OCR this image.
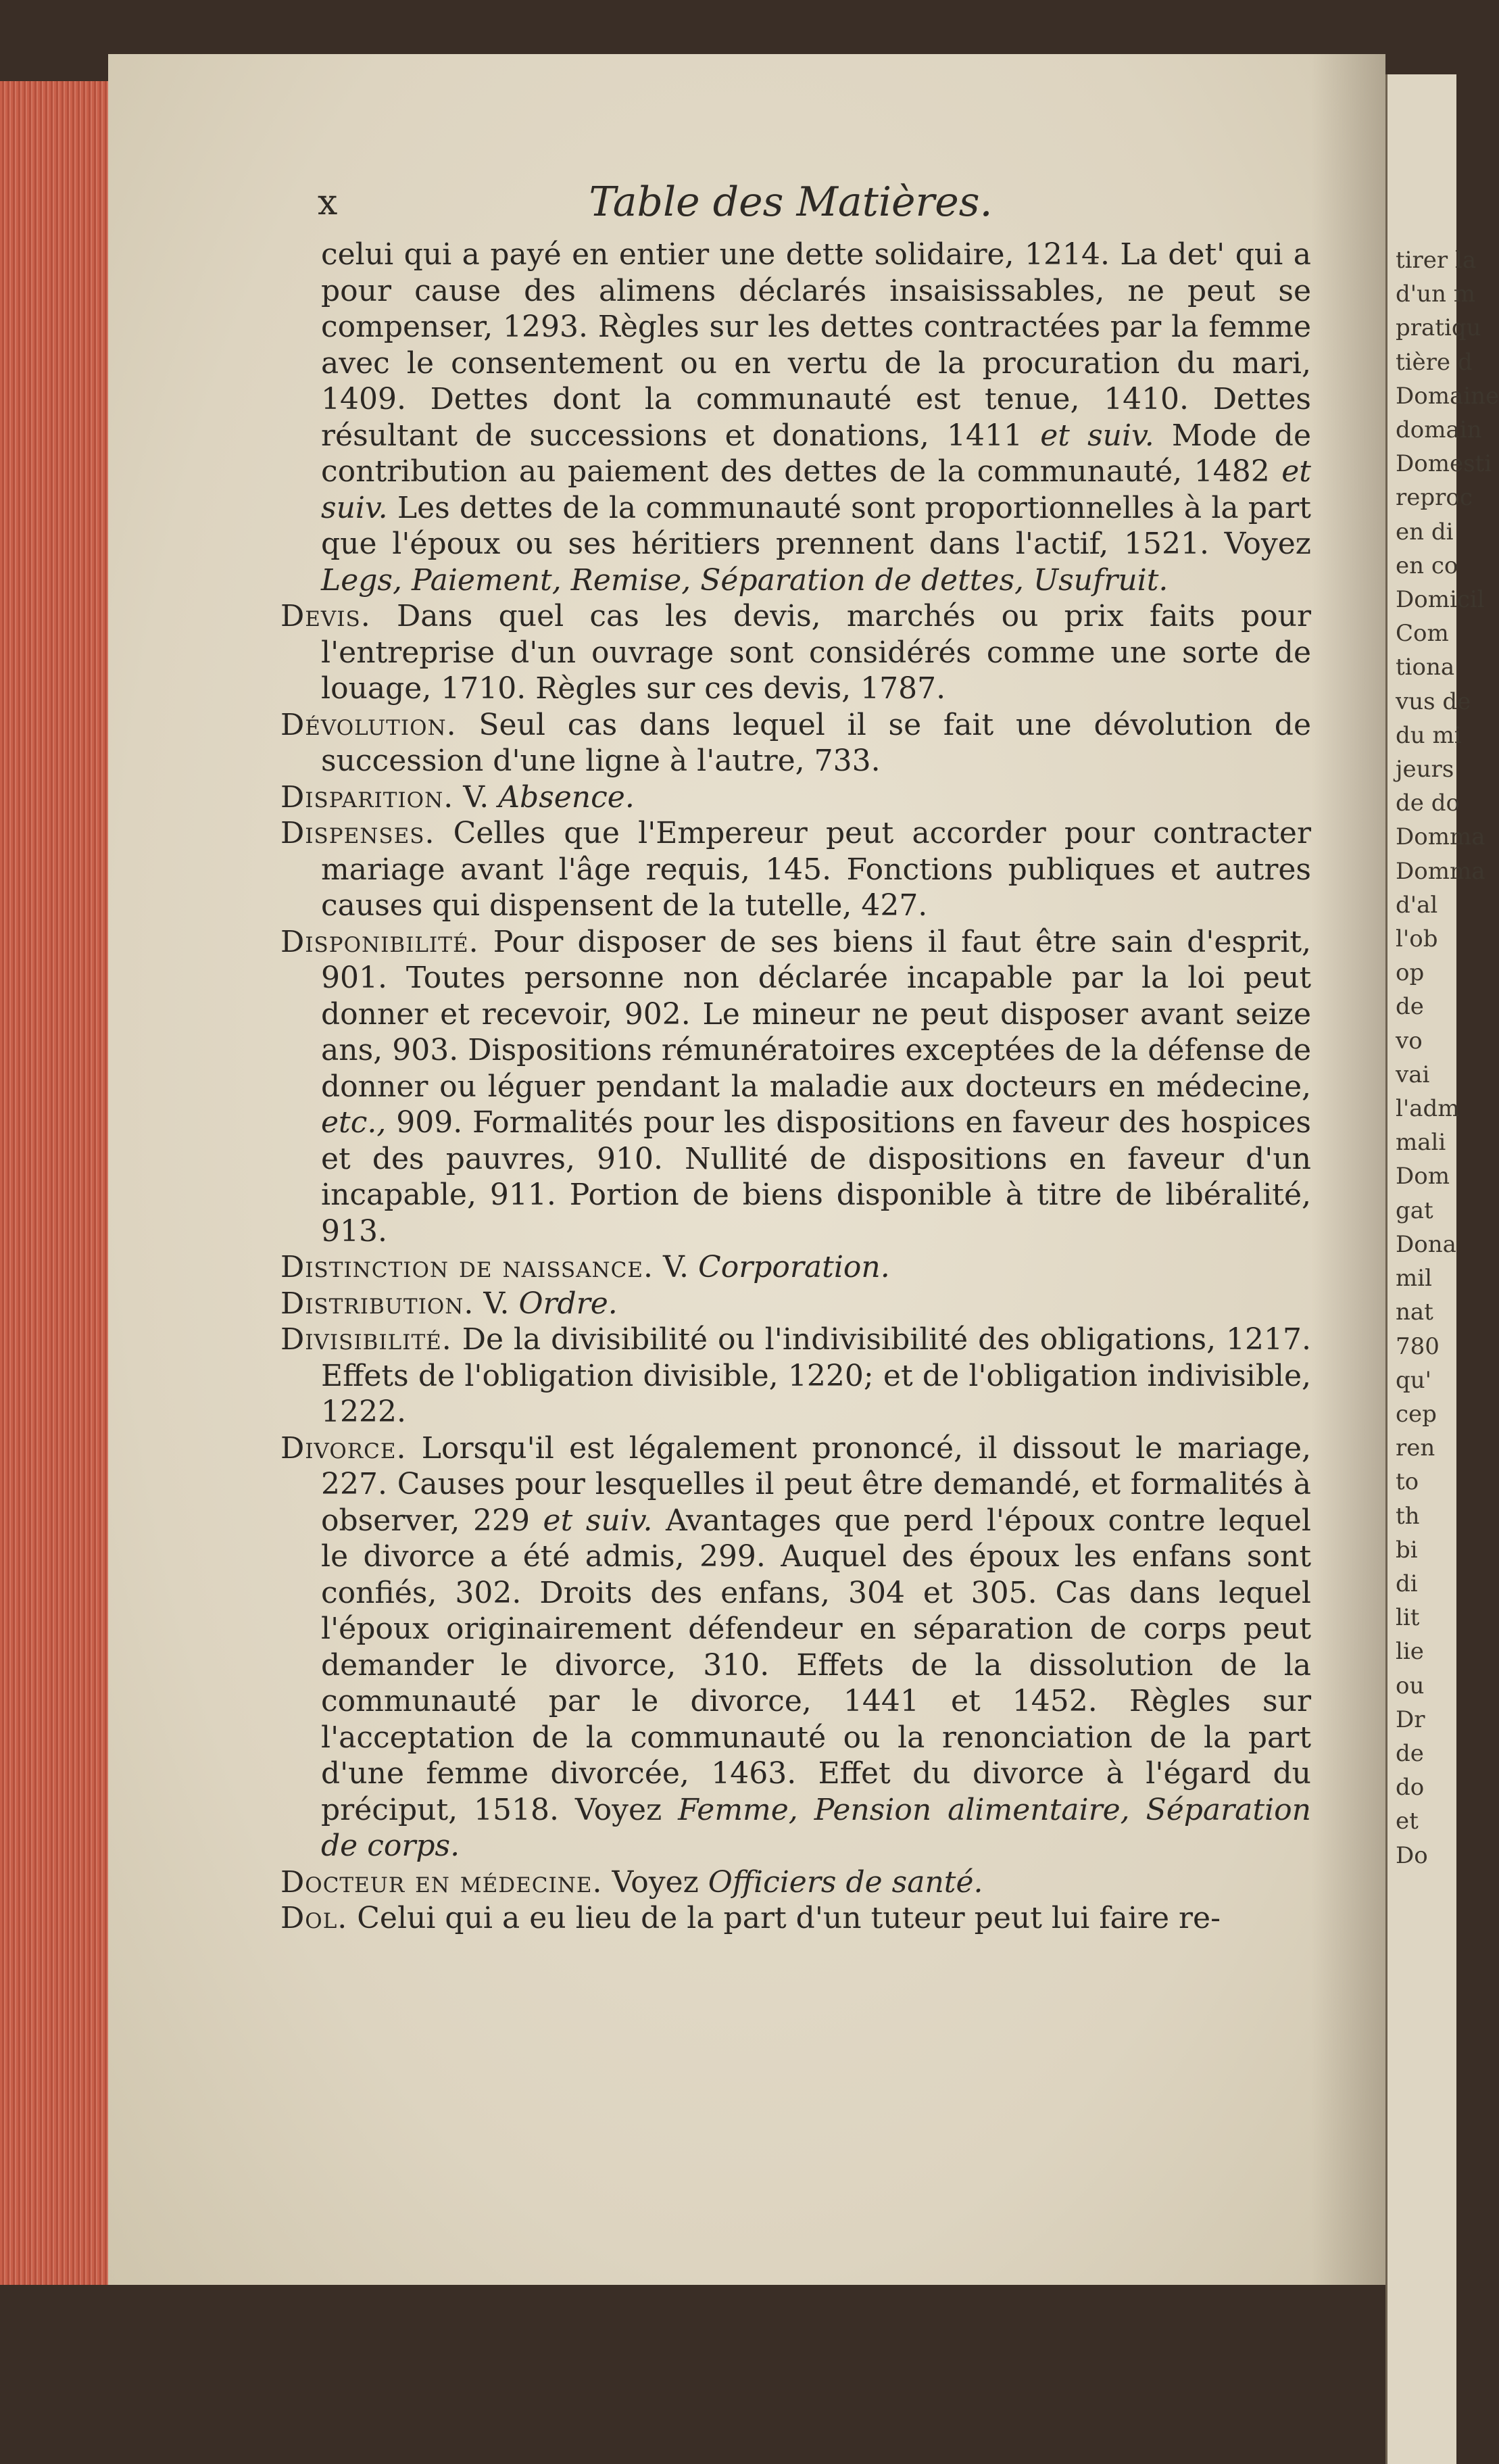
x	Table des Matières.

celui qui a payé en entier une dette solidaire, 1214. La det' qui a pour cause des alimens déclarés insaisissables, ne peut se compenser, 1293. Règles sur les dettes contractées par la femme avec le consentement ou en vertu de la procuration du mari, 1409. Dettes dont la communauté est tenue, 1410. Dettes résultant de successions et donations, 1411 et suiv. Mode de contribution au paiement des dettes de la communauté, 1482 et suiv. Les dettes de la communauté sont proportionnelles à la part que l'époux ou ses héritiers prennent dans l'actif, 1521. Voyez Legs, Paiement, Remise, Séparation de dettes, Usufruit.

Devis. Dans quel cas les devis, marchés ou prix faits pour l'entreprise d'un ouvrage sont considérés comme une sorte de louage, 1710. Règles sur ces devis, 1787.

Dévolution. Seul cas dans lequel il se fait une dévolution de succession d'une ligne à l'autre, 733.

Disparition. V. Absence.

Dispenses. Celles que l'Empereur peut accorder pour contracter mariage avant l'âge requis, 145. Fonctions publiques et autres causes qui dispensent de la tutelle, 427.

Disponibilité. Pour disposer de ses biens il faut être sain d'esprit, 901. Toutes personne non déclarée incapable par la loi peut donner et recevoir, 902. Le mineur ne peut disposer avant seize ans, 903. Dispositions rémunératoires exceptées de la défense de donner ou léguer pendant la maladie aux docteurs en médecine, etc., 909. Formalités pour les dispositions en faveur des hospices et des pauvres, 910. Nullité de dispositions en faveur d'un incapable, 911. Portion de biens disponible à titre de libéralité, 913.

Distinction de naissance. V. Corporation.

Distribution. V. Ordre.

Divisibilité. De la divisibilité ou l'indivisibilité des obligations, 1217. Effets de l'obligation divisible, 1220; et de l'obligation indivisible, 1222.

Divorce. Lorsqu'il est légalement prononcé, il dissout le mariage, 227. Causes pour lesquelles il peut être demandé, et formalités à observer, 229 et suiv. Avantages que perd l'époux contre lequel le divorce a été admis, 299. Auquel des époux les enfans sont confiés, 302. Droits des enfans, 304 et 305. Cas dans lequel l'époux originairement défendeur en séparation de corps peut demander le divorce, 310. Effets de la dissolution de la communauté par le divorce, 1441 et 1452. Règles sur l'acceptation de la communauté ou la renonciation de la part d'une femme divorcée, 1463. Effet du divorce à l'égard du préciput, 1518. Voyez Femme, Pension alimentaire, Séparation de corps.

Docteur en médecine. Voyez Officiers de santé.

Dol. Celui qui a eu lieu de la part d'un tuteur peut lui faire re-

tirer la
d'un m
pratiqu
tière d
Domaine
domain
Domesti
reproc
en di
en co
Domicil
Com
tiona
vus de
du mi
jeurs
de do
Domma
Domma
d'al
l'ob
op
de
vo
vai
l'adm
mali
Dom
gat
Dona
mil
nat
780
qu'
cep
ren
to
th
bi
di
lit
lie
ou
Dr
de
do
et
Do
